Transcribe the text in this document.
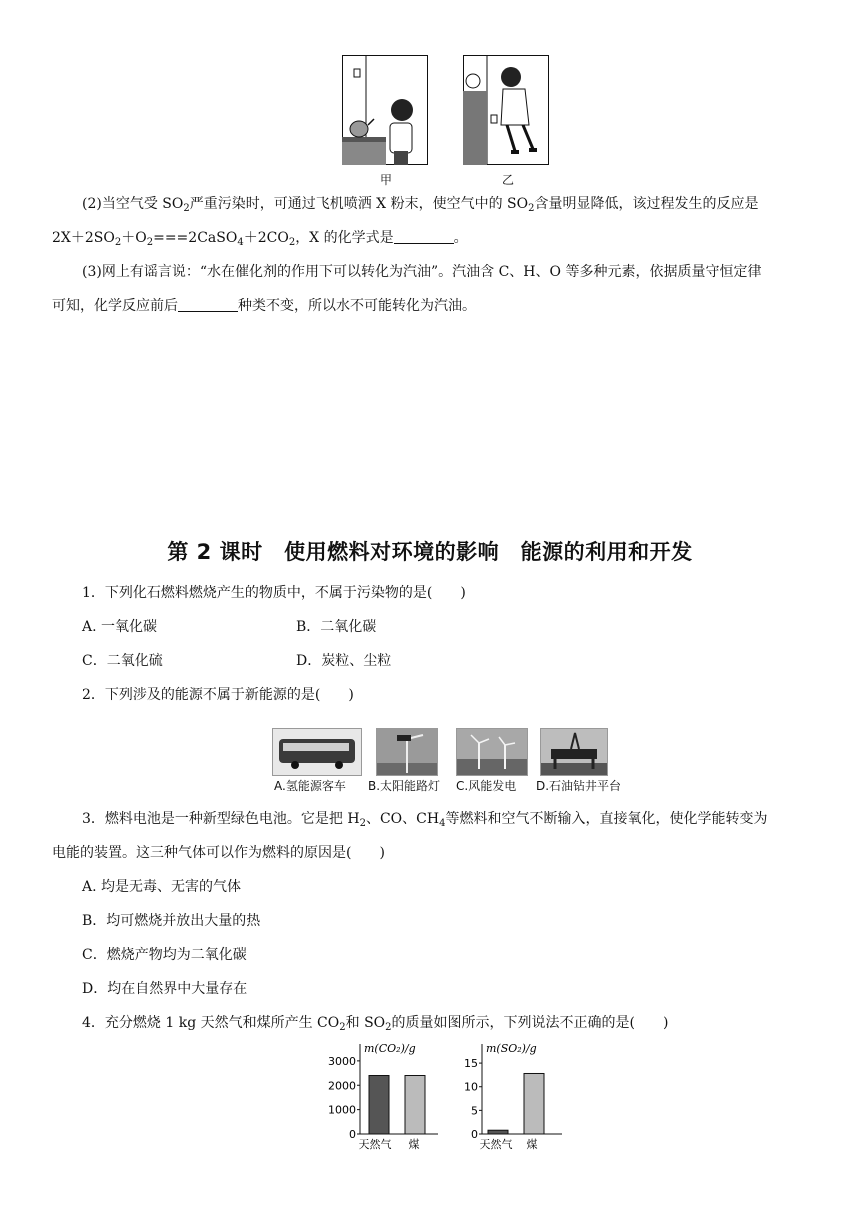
甲	乙
(2)当空气受 $SO_2$严重污染时，可通过飞机喷洒 X 粉末，使空气中的 $SO_2$含量明显降低，该过程发生的反应是
$2X+2SO_2+O_2===2CaSO_4+2CO_2$，X 的化学式是	。
(3)网上有谣言说：“水在催化剂的作用下可以转化为汽油”。汽油含 C、H、O 等多种元素，依据质量守恒定律
可知，化学反应前后	种类不变，所以水不可能转化为汽油。
第 2 课时　使用燃料对环境的影响　能源的利用和开发
1．下列化石燃料燃烧产生的物质中，不属于污染物的是(　　)
A. 一氧化碳	B．二氧化碳
C．二氧化硫	D．炭粒、尘粒
2．下列涉及的能源不属于新能源的是(　　)
A.氢能源客车 B.太阳能路灯 C.风能发电 D.石油钻井平台
3．燃料电池是一种新型绿色电池。它是把 $H_2$、CO、$CH_4$等燃料和空气不断输入，直接氧化，使化学能转变为
电能的装置。这三种气体可以作为燃料的原因是(　　)
A. 均是无毒、无害的气体
B．均可燃烧并放出大量的热
C．燃烧产物均为二氧化碳
D．均在自然界中大量存在
4．充分燃烧 1 kg 天然气和煤所产生 $CO_2$和 $SO_2$的质量如图所示，下列说法不正确的是(　　)
m(CO₂)/g
0
1000
2000
3000
天然气 煤
m(SO₂)/g
0
5
10
15
天然气 煤
